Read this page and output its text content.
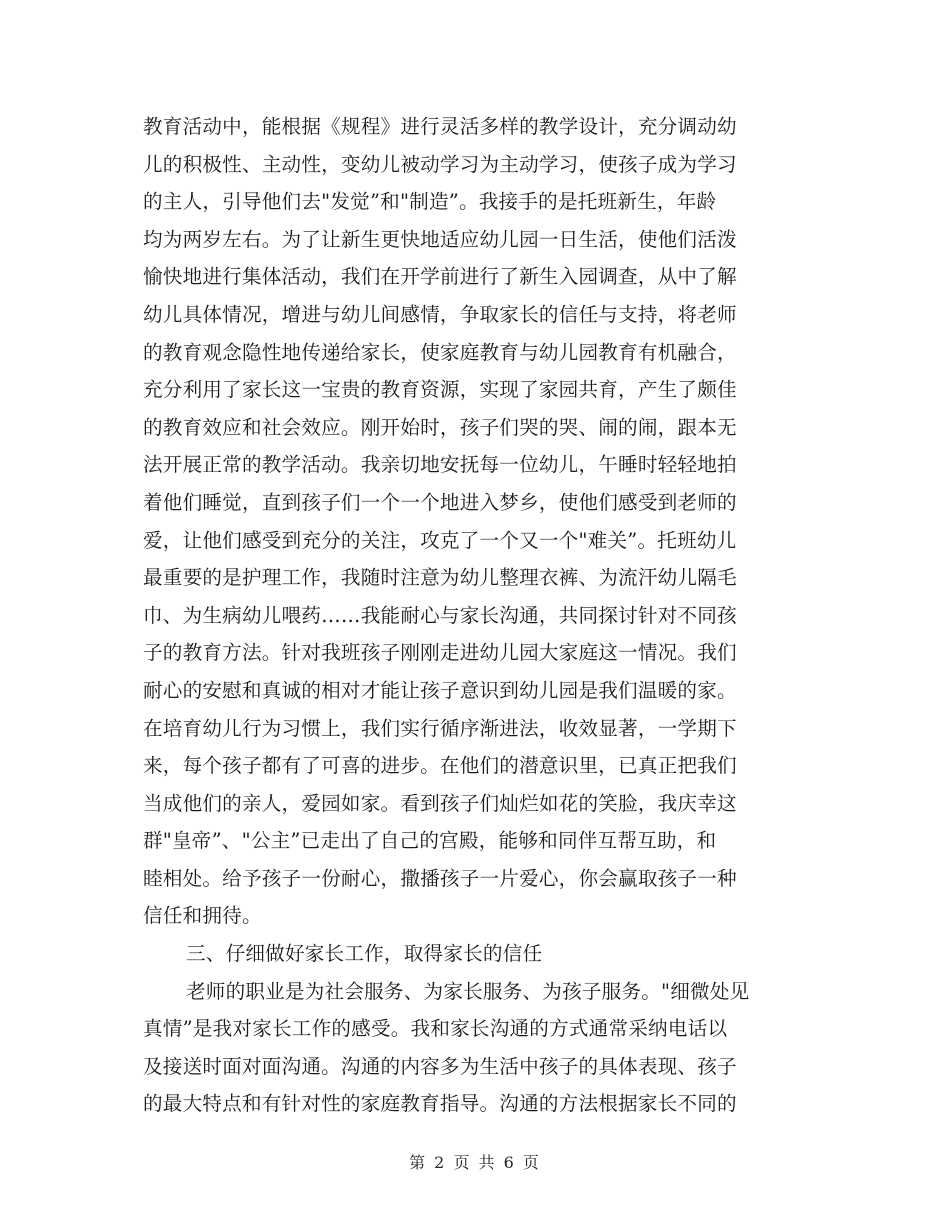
教育活动中，能根据《规程》进行灵活多样的教学设计，充分调动幼
儿的积极性、主动性，变幼儿被动学习为主动学习，使孩子成为学习
的主人，引导他们去"发觉”和"制造”。我接手的是托班新生，年龄
均为两岁左右。为了让新生更快地适应幼儿园一日生活，使他们活泼
愉快地进行集体活动，我们在开学前进行了新生入园调查，从中了解
幼儿具体情况，增进与幼儿间感情，争取家长的信任与支持，将老师
的教育观念隐性地传递给家长，使家庭教育与幼儿园教育有机融合，
充分利用了家长这一宝贵的教育资源，实现了家园共育，产生了颇佳
的教育效应和社会效应。刚开始时，孩子们哭的哭、闹的闹，跟本无
法开展正常的教学活动。我亲切地安抚每一位幼儿，午睡时轻轻地拍
着他们睡觉，直到孩子们一个一个地进入梦乡，使他们感受到老师的
爱，让他们感受到充分的关注，攻克了一个又一个"难关”。托班幼儿
最重要的是护理工作，我随时注意为幼儿整理衣裤、为流汗幼儿隔毛
巾、为生病幼儿喂药……我能耐心与家长沟通，共同探讨针对不同孩
子的教育方法。针对我班孩子刚刚走进幼儿园大家庭这一情况。我们
耐心的安慰和真诚的相对才能让孩子意识到幼儿园是我们温暖的家。
在培育幼儿行为习惯上，我们实行循序渐进法，收效显著，一学期下
来，每个孩子都有了可喜的进步。在他们的潜意识里，已真正把我们
当成他们的亲人，爱园如家。看到孩子们灿烂如花的笑脸，我庆幸这
群"皇帝”、"公主”已走出了自己的宫殿，能够和同伴互帮互助，和
睦相处。给予孩子一份耐心，撒播孩子一片爱心，你会赢取孩子一种
信任和拥待。
三、仔细做好家长工作，取得家长的信任
老师的职业是为社会服务、为家长服务、为孩子服务。"细微处见
真情”是我对家长工作的感受。我和家长沟通的方式通常采纳电话以
及接送时面对面沟通。沟通的内容多为生活中孩子的具体表现、孩子
的最大特点和有针对性的家庭教育指导。沟通的方法根据家长不同的
第 2 页 共 6 页
